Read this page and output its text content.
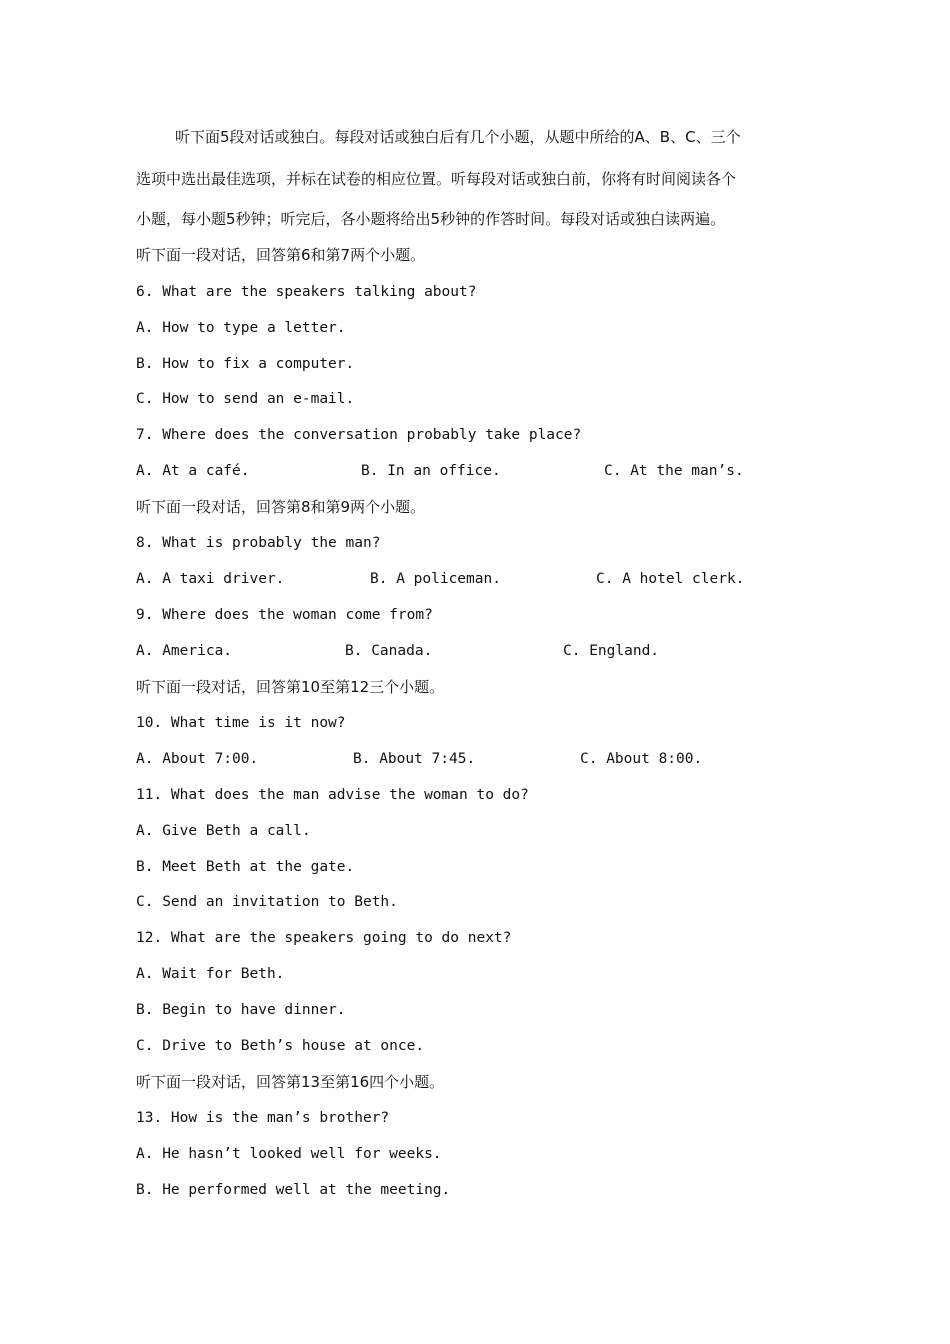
听下面5段对话或独白。每段对话或独白后有几个小题，从题中所给的A、B、C、三个
选项中选出最佳选项，并标在试卷的相应位置。听每段对话或独白前，你将有时间阅读各个
小题，每小题5秒钟；听完后，各小题将给出5秒钟的作答时间。每段对话或独白读两遍。
听下面一段对话，回答第6和第7两个小题。
6. What are the speakers talking about?
A. How to type a letter.
B. How to fix a computer.
C. How to send an e-mail.
7. Where does the conversation probably take place?
A. At a café.	B. In an office.	C. At the man’s.
听下面一段对话，回答第8和第9两个小题。
8. What is probably the man?
A. A taxi driver.	B. A policeman.	C. A hotel clerk.
9. Where does the woman come from?
A. America.	B. Canada.	C. England.
听下面一段对话，回答第10至第12三个小题。
10. What time is it now?
A. About 7:00.	B. About 7:45.	C. About 8:00.
11. What does the man advise the woman to do?
A. Give Beth a call.
B. Meet Beth at the gate.
C. Send an invitation to Beth.
12. What are the speakers going to do next?
A. Wait for Beth.
B. Begin to have dinner.
C. Drive to Beth’s house at once.
听下面一段对话，回答第13至第16四个小题。
13. How is the man’s brother?
A. He hasn’t looked well for weeks.
B. He performed well at the meeting.
